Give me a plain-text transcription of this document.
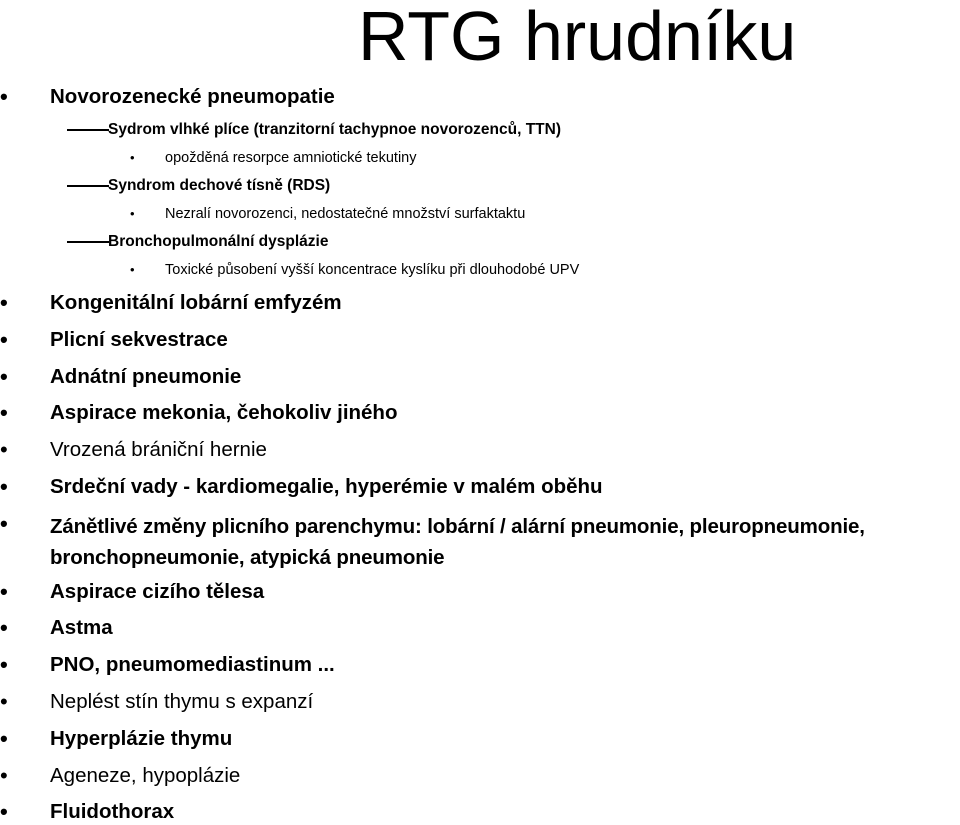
RTG hrudníku
• Novorozenecké pneumopatie
Sydrom vlhké plíce (tranzitorní tachypnoe novorozenců, TTN)
• opožděná resorpce amniotické tekutiny
Syndrom dechové tísně (RDS)
• Nezralí novorozenci, nedostatečné množství surfaktaktu
Bronchopulmonální dysplázie
• Toxické působení vyšší koncentrace kyslíku při dlouhodobé UPV
• Kongenitální lobární emfyzém
• Plicní sekvestrace
• Adnátní pneumonie
• Aspirace mekonia, čehokoliv jiného
• Vrozená brániční hernie
• Srdeční vady - kardiomegalie, hyperémie v malém oběhu
• Zánětlivé změny plicního parenchymu: lobární / alární pneumonie, pleuropneumonie, bronchopneumonie, atypická pneumonie
• Aspirace cizího tělesa
• Astma
• PNO, pneumomediastinum ...
• Neplést stín thymu s expanzí
• Hyperplázie thymu
• Ageneze, hypoplázie
• Fluidothorax
